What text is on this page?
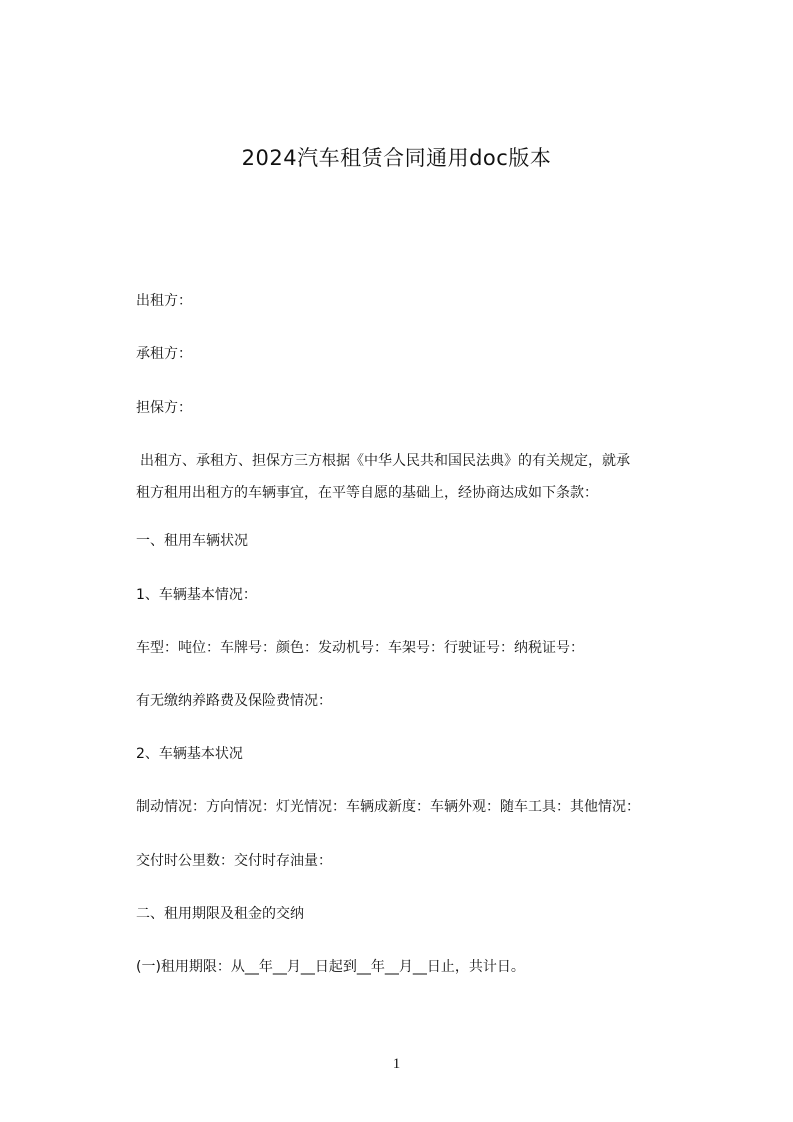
2024汽车租赁合同通用doc版本
出租方：
承租方：
担保方：
出租方、承租方、担保方三方根据《中华人民共和国民法典》的有关规定，就承
租方租用出租方的车辆事宜，在平等自愿的基础上，经协商达成如下条款：
一、租用车辆状况
1、车辆基本情况：
车型：吨位：车牌号：颜色：发动机号：车架号：行驶证号：纳税证号：
有无缴纳养路费及保险费情况：
2、车辆基本状况
制动情况：方向情况：灯光情况：车辆成新度：车辆外观：随车工具：其他情况：
交付时公里数：交付时存油量：
二、租用期限及租金的交纳
(一)租用期限：从__年__月__日起到__年__月__日止，共计日。
1
